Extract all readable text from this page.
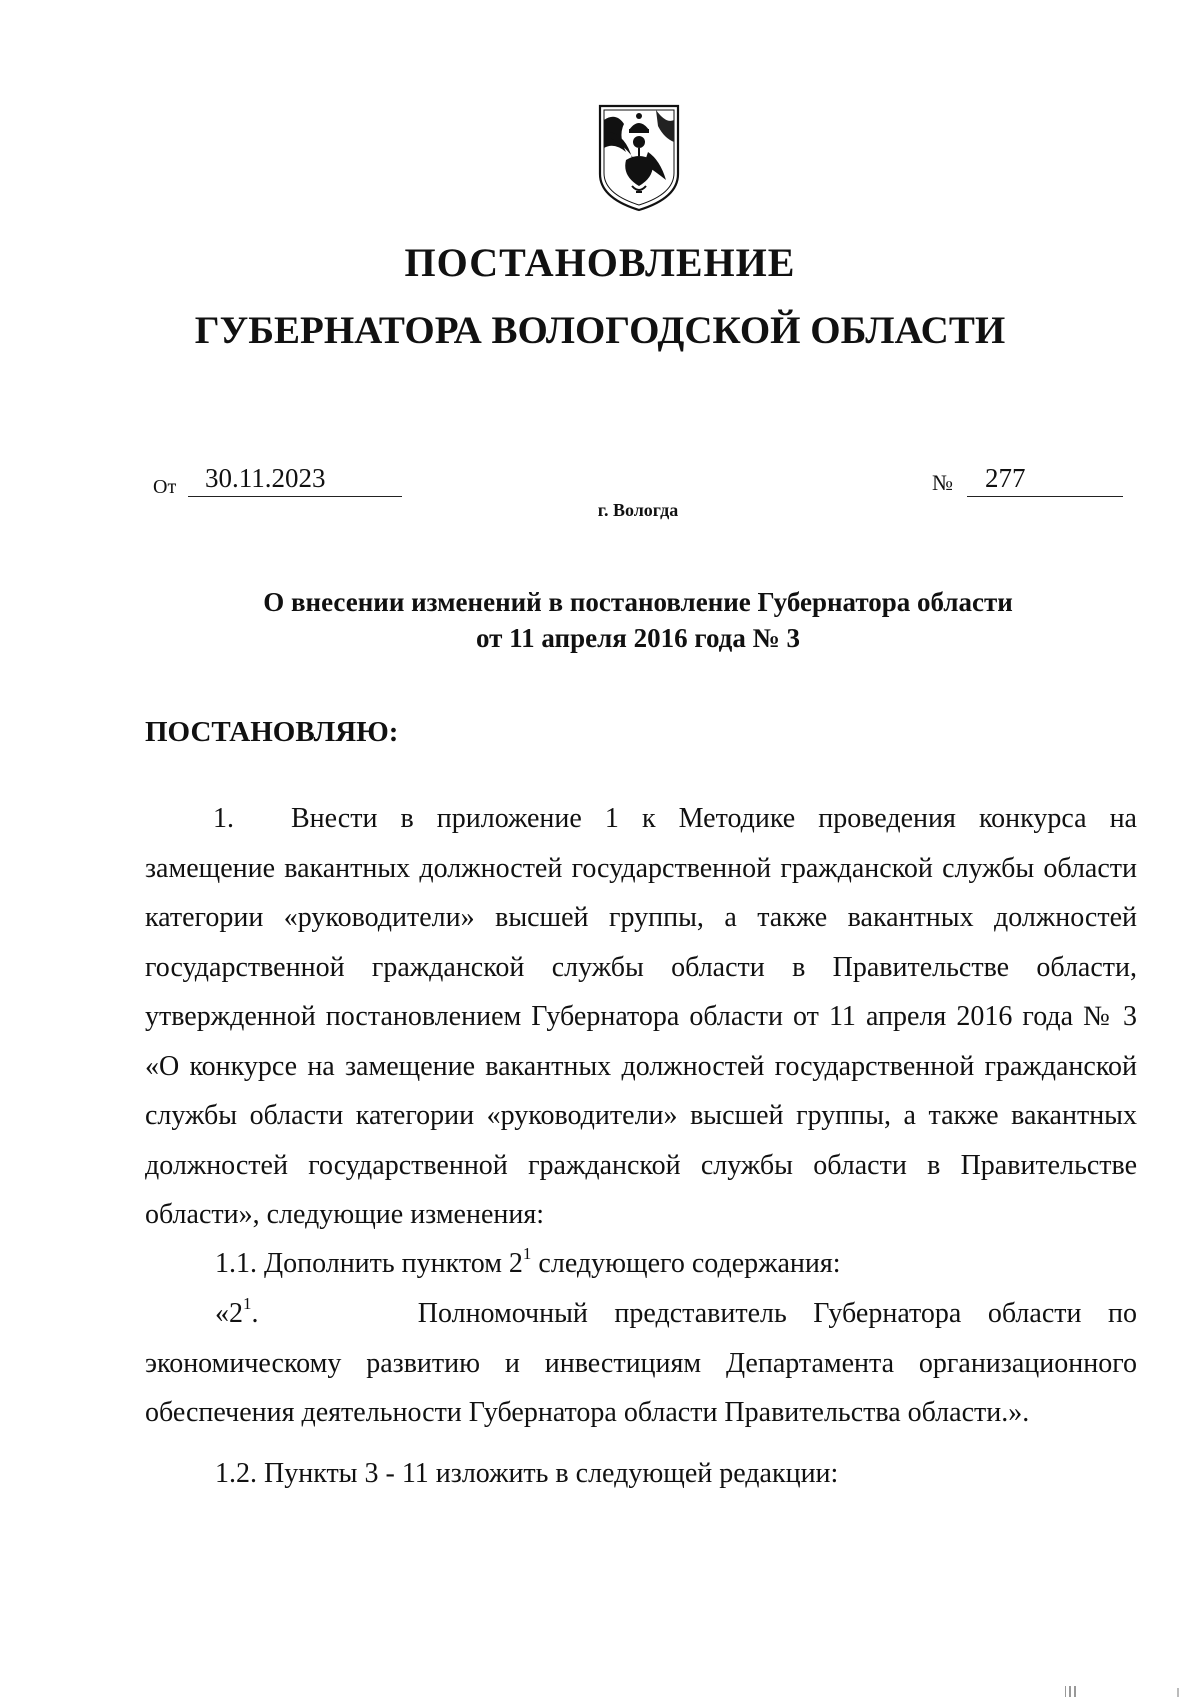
ПОСТАНОВЛЕНИЕ
ГУБЕРНАТОРА ВОЛОГОДСКОЙ ОБЛАСТИ
От	30.11.2023	№	277
г. Вологда
О внесении изменений в постановление Губернатора области
от 11 апреля 2016 года № 3
ПОСТАНОВЛЯЮ:
1. Внести в приложение 1 к Методике проведения конкурса на замещение вакантных должностей государственной гражданской службы области категории «руководители» высшей группы, а также вакантных должностей государственной гражданской службы области в Правительстве области, утвержденной постановлением Губернатора области от 11 апреля 2016 года № 3 «О конкурсе на замещение вакантных должностей государственной гражданской службы области категории «руководители» высшей группы, а также вакантных должностей государственной гражданской службы области в Правительстве области», следующие изменения:
1.1. Дополнить пунктом $2^1$ следующего содержания:
«$2^1$.	Полномочный представитель Губернатора области по
экономическому развитию и инвестициям Департамента организационного обеспечения деятельности Губернатора области Правительства области.».
1.2. Пункты 3 - 11 изложить в следующей редакции:
